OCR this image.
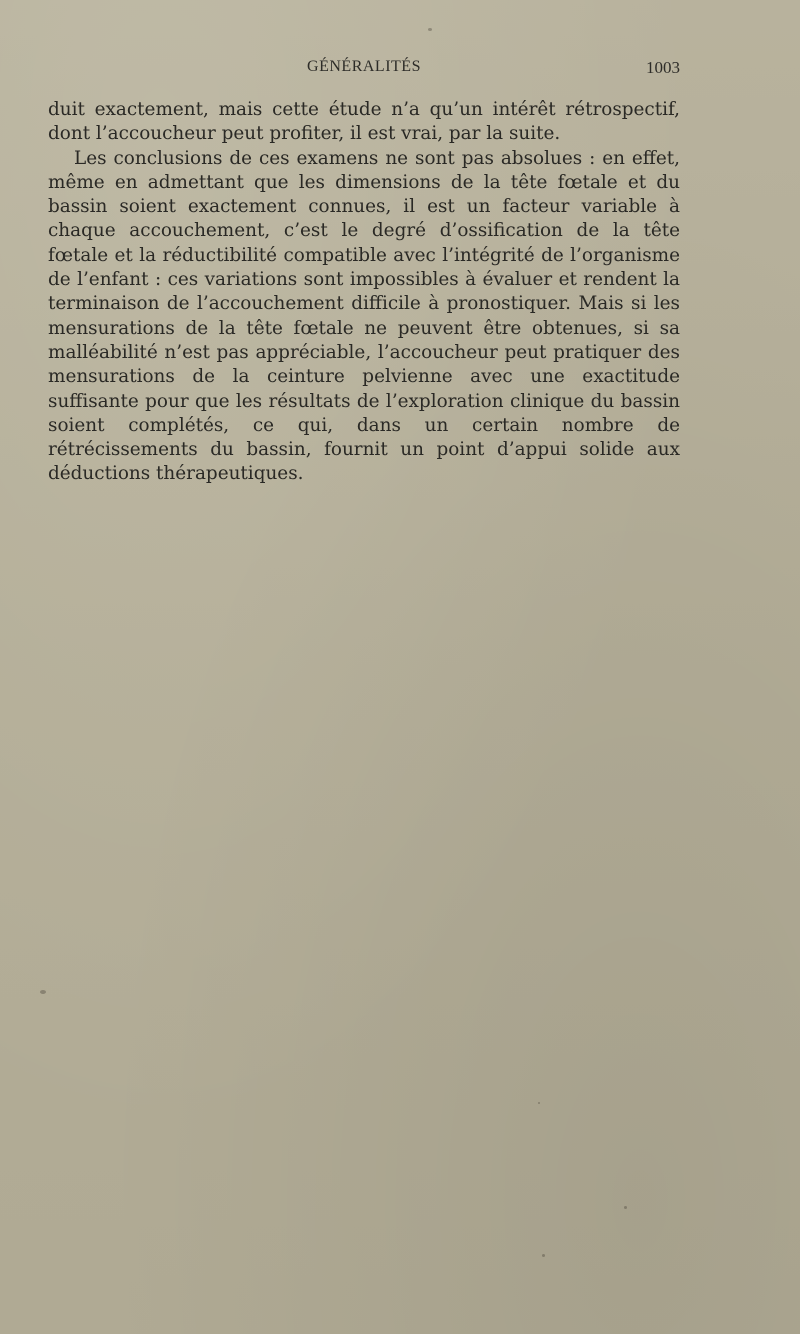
GÉNÉRALITÉS	1003

duit exactement, mais cette étude n’a qu’un intérêt rétrospectif, dont l’accoucheur peut profiter, il est vrai, par la suite.

Les conclusions de ces examens ne sont pas absolues : en effet, même en admettant que les dimensions de la tête fœtale et du bassin soient exactement connues, il est un facteur variable à chaque accouchement, c’est le degré d’ossification de la tête fœtale et la réductibilité compatible avec l’intégrité de l’organisme de l’enfant : ces variations sont impossibles à évaluer et rendent la terminaison de l’accouchement difficile à pronostiquer. Mais si les mensurations de la tête fœtale ne peuvent être obtenues, si sa malléabilité n’est pas appréciable, l’accoucheur peut pratiquer des mensurations de la ceinture pelvienne avec une exactitude suffisante pour que les résultats de l’exploration clinique du bassin soient complétés, ce qui, dans un certain nombre de rétrécissements du bassin, fournit un point d’appui solide aux déductions thérapeutiques.
